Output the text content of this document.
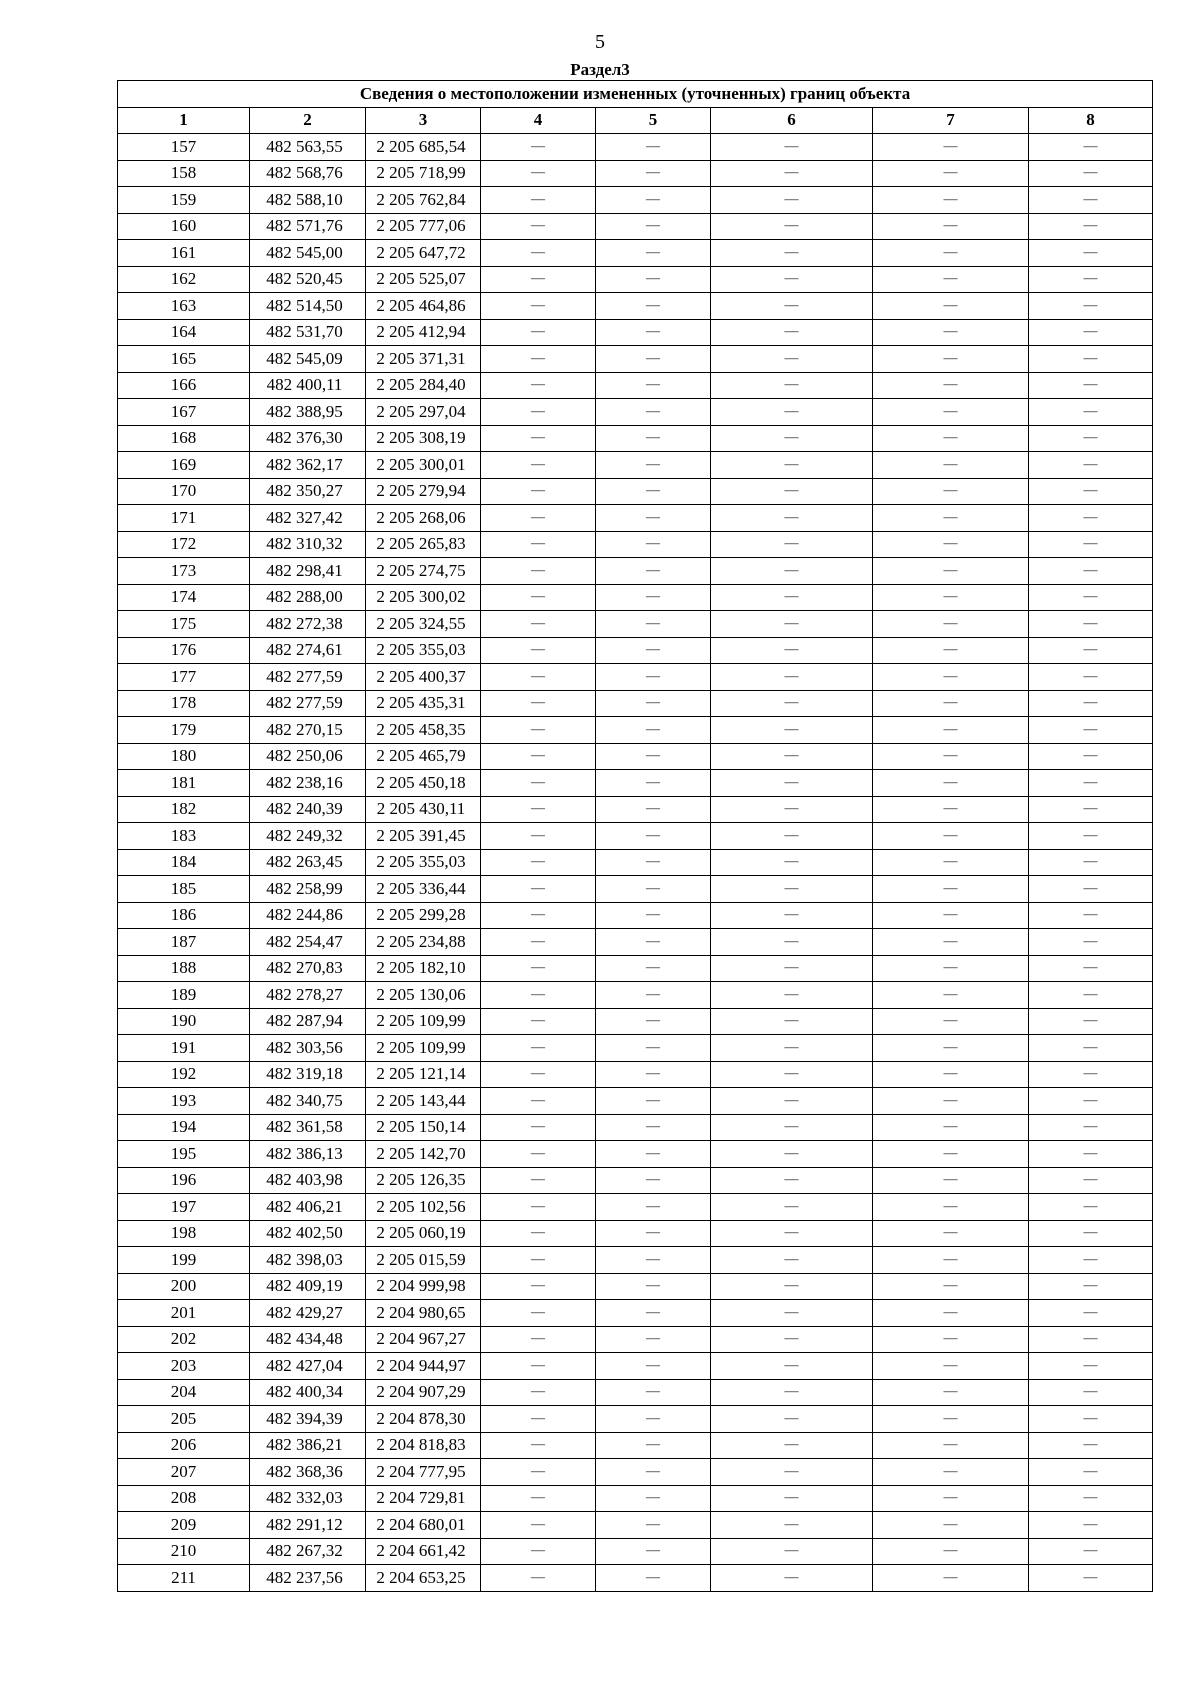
5
Раздел3
Сведения о местоположении измененных (уточненных) границ объекта							
1	2	3	4	5	6	7	8
157	482 563,55	2 205 685,54	—	—	—	—	—
158	482 568,76	2 205 718,99	—	—	—	—	—
159	482 588,10	2 205 762,84	—	—	—	—	—
160	482 571,76	2 205 777,06	—	—	—	—	—
161	482 545,00	2 205 647,72	—	—	—	—	—
162	482 520,45	2 205 525,07	—	—	—	—	—
163	482 514,50	2 205 464,86	—	—	—	—	—
164	482 531,70	2 205 412,94	—	—	—	—	—
165	482 545,09	2 205 371,31	—	—	—	—	—
166	482 400,11	2 205 284,40	—	—	—	—	—
167	482 388,95	2 205 297,04	—	—	—	—	—
168	482 376,30	2 205 308,19	—	—	—	—	—
169	482 362,17	2 205 300,01	—	—	—	—	—
170	482 350,27	2 205 279,94	—	—	—	—	—
171	482 327,42	2 205 268,06	—	—	—	—	—
172	482 310,32	2 205 265,83	—	—	—	—	—
173	482 298,41	2 205 274,75	—	—	—	—	—
174	482 288,00	2 205 300,02	—	—	—	—	—
175	482 272,38	2 205 324,55	—	—	—	—	—
176	482 274,61	2 205 355,03	—	—	—	—	—
177	482 277,59	2 205 400,37	—	—	—	—	—
178	482 277,59	2 205 435,31	—	—	—	—	—
179	482 270,15	2 205 458,35	—	—	—	—	—
180	482 250,06	2 205 465,79	—	—	—	—	—
181	482 238,16	2 205 450,18	—	—	—	—	—
182	482 240,39	2 205 430,11	—	—	—	—	—
183	482 249,32	2 205 391,45	—	—	—	—	—
184	482 263,45	2 205 355,03	—	—	—	—	—
185	482 258,99	2 205 336,44	—	—	—	—	—
186	482 244,86	2 205 299,28	—	—	—	—	—
187	482 254,47	2 205 234,88	—	—	—	—	—
188	482 270,83	2 205 182,10	—	—	—	—	—
189	482 278,27	2 205 130,06	—	—	—	—	—
190	482 287,94	2 205 109,99	—	—	—	—	—
191	482 303,56	2 205 109,99	—	—	—	—	—
192	482 319,18	2 205 121,14	—	—	—	—	—
193	482 340,75	2 205 143,44	—	—	—	—	—
194	482 361,58	2 205 150,14	—	—	—	—	—
195	482 386,13	2 205 142,70	—	—	—	—	—
196	482 403,98	2 205 126,35	—	—	—	—	—
197	482 406,21	2 205 102,56	—	—	—	—	—
198	482 402,50	2 205 060,19	—	—	—	—	—
199	482 398,03	2 205 015,59	—	—	—	—	—
200	482 409,19	2 204 999,98	—	—	—	—	—
201	482 429,27	2 204 980,65	—	—	—	—	—
202	482 434,48	2 204 967,27	—	—	—	—	—
203	482 427,04	2 204 944,97	—	—	—	—	—
204	482 400,34	2 204 907,29	—	—	—	—	—
205	482 394,39	2 204 878,30	—	—	—	—	—
206	482 386,21	2 204 818,83	—	—	—	—	—
207	482 368,36	2 204 777,95	—	—	—	—	—
208	482 332,03	2 204 729,81	—	—	—	—	—
209	482 291,12	2 204 680,01	—	—	—	—	—
210	482 267,32	2 204 661,42	—	—	—	—	—
211	482 237,56	2 204 653,25	—	—	—	—	—
